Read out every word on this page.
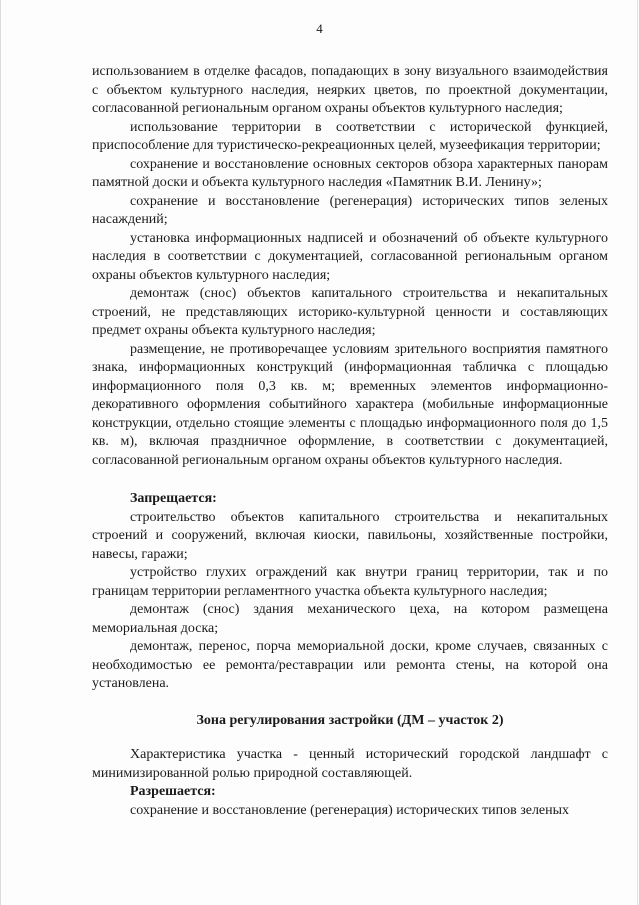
4

использованием в отделке фасадов, попадающих в зону визуального взаимодействия с объектом культурного наследия, неярких цветов, по проектной документации, согласованной региональным органом охраны объектов культурного наследия;

использование территории в соответствии с исторической функцией, приспособление для туристическо-рекреационных целей, музеефикация территории;

сохранение и восстановление основных секторов обзора характерных панорам памятной доски и объекта культурного наследия «Памятник В.И. Ленину»;

сохранение и восстановление (регенерация) исторических типов зеленых насаждений;

установка информационных надписей и обозначений об объекте культурного наследия в соответствии с документацией, согласованной региональным органом охраны объектов культурного наследия;

демонтаж (снос) объектов капитального строительства и некапитальных строений, не представляющих историко-культурной ценности и составляющих предмет охраны объекта культурного наследия;

размещение, не противоречащее условиям зрительного восприятия памятного знака, информационных конструкций (информационная табличка с площадью информационного поля 0,3 кв. м; временных элементов информационно-декоративного оформления событийного характера (мобильные информационные конструкции, отдельно стоящие элементы с площадью информационного поля до 1,5 кв. м), включая праздничное оформление, в соответствии с документацией, согласованной региональным органом охраны объектов культурного наследия.

Запрещается:

строительство объектов капитального строительства и некапитальных строений и сооружений, включая киоски, павильоны, хозяйственные постройки, навесы, гаражи;

устройство глухих ограждений как внутри границ территории, так и по границам территории регламентного участка объекта культурного наследия;

демонтаж (снос) здания механического цеха, на котором размещена мемориальная доска;

демонтаж, перенос, порча мемориальной доски, кроме случаев, связанных с необходимостью ее ремонта/реставрации или ремонта стены, на которой она установлена.

Зона регулирования застройки (ДМ – участок 2)

Характеристика участка - ценный исторический городской ландшафт с минимизированной ролью природной составляющей.

Разрешается:

сохранение и восстановление (регенерация) исторических типов зеленых
